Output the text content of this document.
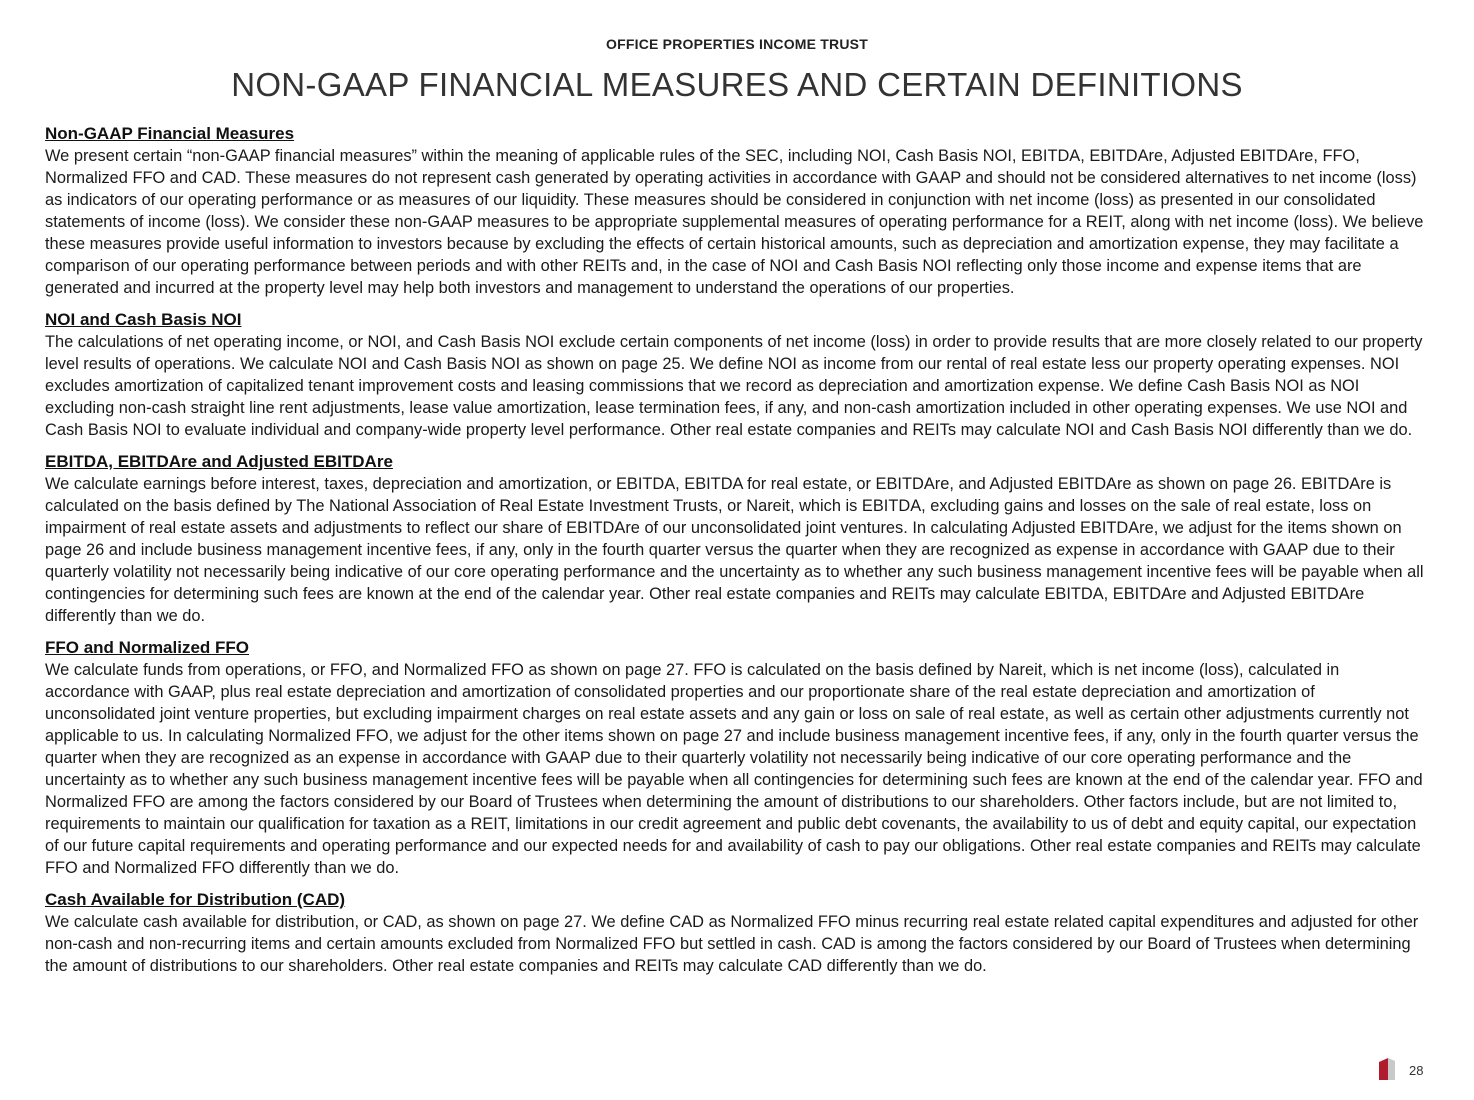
OFFICE PROPERTIES INCOME TRUST
NON-GAAP FINANCIAL MEASURES AND CERTAIN DEFINITIONS
Non-GAAP Financial Measures

We present certain “non-GAAP financial measures” within the meaning of applicable rules of the SEC, including NOI, Cash Basis NOI, EBITDA, EBITDAre, Adjusted EBITDAre, FFO, Normalized FFO and CAD. These measures do not represent cash generated by operating activities in accordance with GAAP and should not be considered alternatives to net income (loss) as indicators of our operating performance or as measures of our liquidity. These measures should be considered in conjunction with net income (loss) as presented in our consolidated statements of income (loss). We consider these non-GAAP measures to be appropriate supplemental measures of operating performance for a REIT, along with net income (loss). We believe these measures provide useful information to investors because by excluding the effects of certain historical amounts, such as depreciation and amortization expense, they may facilitate a comparison of our operating performance between periods and with other REITs and, in the case of NOI and Cash Basis NOI reflecting only those income and expense items that are generated and incurred at the property level may help both investors and management to understand the operations of our properties.

NOI and Cash Basis NOI

The calculations of net operating income, or NOI, and Cash Basis NOI exclude certain components of net income (loss) in order to provide results that are more closely related to our property level results of operations. We calculate NOI and Cash Basis NOI as shown on page 25. We define NOI as income from our rental of real estate less our property operating expenses. NOI excludes amortization of capitalized tenant improvement costs and leasing commissions that we record as depreciation and amortization expense. We define Cash Basis NOI as NOI excluding non-cash straight line rent adjustments, lease value amortization, lease termination fees, if any, and non-cash amortization included in other operating expenses. We use NOI and Cash Basis NOI to evaluate individual and company-wide property level performance. Other real estate companies and REITs may calculate NOI and Cash Basis NOI differently than we do.

EBITDA, EBITDAre and Adjusted EBITDAre

We calculate earnings before interest, taxes, depreciation and amortization, or EBITDA, EBITDA for real estate, or EBITDAre, and Adjusted EBITDAre as shown on page 26. EBITDAre is calculated on the basis defined by The National Association of Real Estate Investment Trusts, or Nareit, which is EBITDA, excluding gains and losses on the sale of real estate, loss on impairment of real estate assets and adjustments to reflect our share of EBITDAre of our unconsolidated joint ventures. In calculating Adjusted EBITDAre, we adjust for the items shown on page 26 and include business management incentive fees, if any, only in the fourth quarter versus the quarter when they are recognized as expense in accordance with GAAP due to their quarterly volatility not necessarily being indicative of our core operating performance and the uncertainty as to whether any such business management incentive fees will be payable when all contingencies for determining such fees are known at the end of the calendar year. Other real estate companies and REITs may calculate EBITDA, EBITDAre and Adjusted EBITDAre differently than we do.

FFO and Normalized FFO

We calculate funds from operations, or FFO, and Normalized FFO as shown on page 27. FFO is calculated on the basis defined by Nareit, which is net income (loss), calculated in accordance with GAAP, plus real estate depreciation and amortization of consolidated properties and our proportionate share of the real estate depreciation and amortization of unconsolidated joint venture properties, but excluding impairment charges on real estate assets and any gain or loss on sale of real estate, as well as certain other adjustments currently not applicable to us. In calculating Normalized FFO, we adjust for the other items shown on page 27 and include business management incentive fees, if any, only in the fourth quarter versus the quarter when they are recognized as an expense in accordance with GAAP due to their quarterly volatility not necessarily being indicative of our core operating performance and the uncertainty as to whether any such business management incentive fees will be payable when all contingencies for determining such fees are known at the end of the calendar year. FFO and Normalized FFO are among the factors considered by our Board of Trustees when determining the amount of distributions to our shareholders. Other factors include, but are not limited to, requirements to maintain our qualification for taxation as a REIT, limitations in our credit agreement and public debt covenants, the availability to us of debt and equity capital, our expectation of our future capital requirements and operating performance and our expected needs for and availability of cash to pay our obligations. Other real estate companies and REITs may calculate FFO and Normalized FFO differently than we do.

Cash Available for Distribution (CAD)

We calculate cash available for distribution, or CAD, as shown on page 27. We define CAD as Normalized FFO minus recurring real estate related capital expenditures and adjusted for other non-cash and non-recurring items and certain amounts excluded from Normalized FFO but settled in cash. CAD is among the factors considered by our Board of Trustees when determining the amount of distributions to our shareholders. Other real estate companies and REITs may calculate CAD differently than we do.

28
